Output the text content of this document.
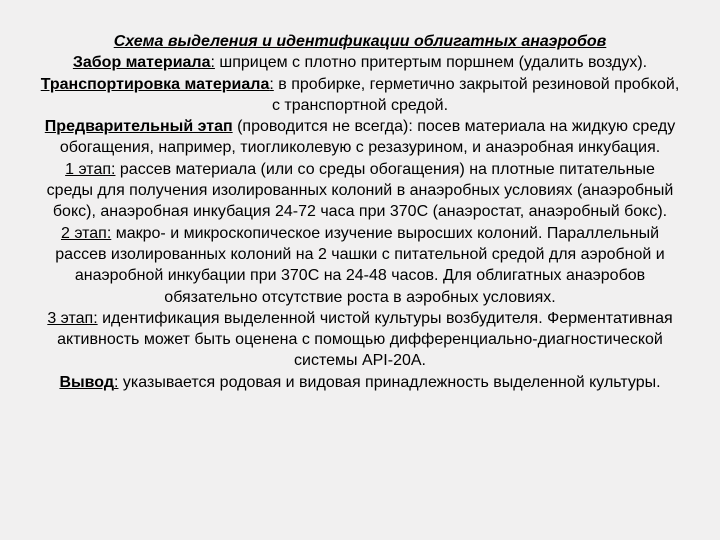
Схема выделения и идентификации облигатных анаэробов

Забор материала: шприцем с плотно притертым поршнем (удалить воздух).

Транспортировка материала: в пробирке, герметично закрытой резиновой пробкой, с транспортной средой.

Предварительный этап (проводится не всегда): посев материала на жидкую среду обогащения, например, тиогликолевую с резазурином, и анаэробная инкубация.

1 этап: рассев материала (или со среды обогащения) на плотные питательные среды для получения изолированных колоний в анаэробных условиях (анаэробный бокс), анаэробная инкубация 24-72 часа при 370С (анаэростат, анаэробный бокс).

2 этап: макро- и микроскопическое изучение выросших колоний. Параллельный рассев изолированных колоний на 2 чашки с питательной средой для аэробной и анаэробной инкубации при 370С на 24-48 часов. Для облигатных анаэробов обязательно отсутствие роста в аэробных условиях.

3 этап: идентификация выделенной чистой культуры возбудителя. Ферментативная активность может быть оценена с помощью дифференциально-диагностической системы API-20A.

Вывод: указывается родовая и видовая принадлежность выделенной культуры.
